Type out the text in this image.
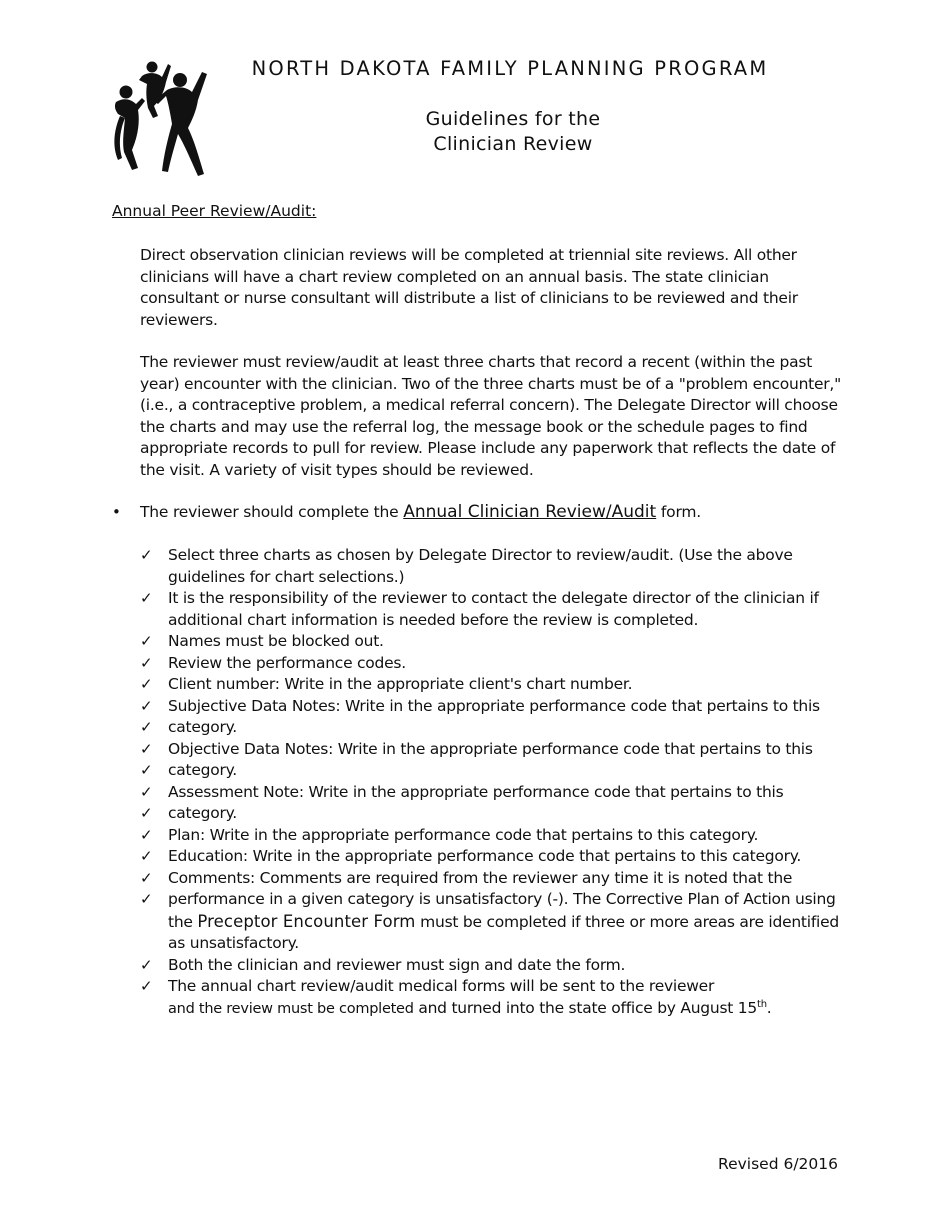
NORTH DAKOTA FAMILY PLANNING PROGRAM
Guidelines for the
Clinician Review
Annual Peer Review/Audit:

Direct observation clinician reviews will be completed at triennial site reviews. All other clinicians will have a chart review completed on an annual basis. The state clinician consultant or nurse consultant will distribute a list of clinicians to be reviewed and their reviewers.

The reviewer must review/audit at least three charts that record a recent (within the past year) encounter with the clinician. Two of the three charts must be of a "problem encounter," (i.e., a contraceptive problem, a medical referral concern). The Delegate Director will choose the charts and may use the referral log, the message book or the schedule pages to find appropriate records to pull for review. Please include any paperwork that reflects the date of the visit. A variety of visit types should be reviewed.

•	The reviewer should complete the Annual Clinician Review/Audit form.
✓ Select three charts as chosen by Delegate Director to review/audit. (Use the above guidelines for chart selections.)
✓ It is the responsibility of the reviewer to contact the delegate director of the clinician if additional chart information is needed before the review is completed.
✓ Names must be blocked out.
✓ Review the performance codes.
✓ Client number: Write in the appropriate client's chart number.
✓ Subjective Data Notes: Write in the appropriate performance code that pertains to this
✓ category.
✓ Objective Data Notes: Write in the appropriate performance code that pertains to this
✓ category.
✓ Assessment Note: Write in the appropriate performance code that pertains to this
✓ category.
✓ Plan: Write in the appropriate performance code that pertains to this category.
✓ Education: Write in the appropriate performance code that pertains to this category.
✓ Comments: Comments are required from the reviewer any time it is noted that the
✓ performance in a given category is unsatisfactory (-). The Corrective Plan of Action using the Preceptor Encounter Form must be completed if three or more areas are identified as unsatisfactory.
✓ Both the clinician and reviewer must sign and date the form.
✓ The annual chart review/audit medical forms will be sent to the reviewer
and the review must be completed and turned into the state office by August 15th.
Revised 6/2016
